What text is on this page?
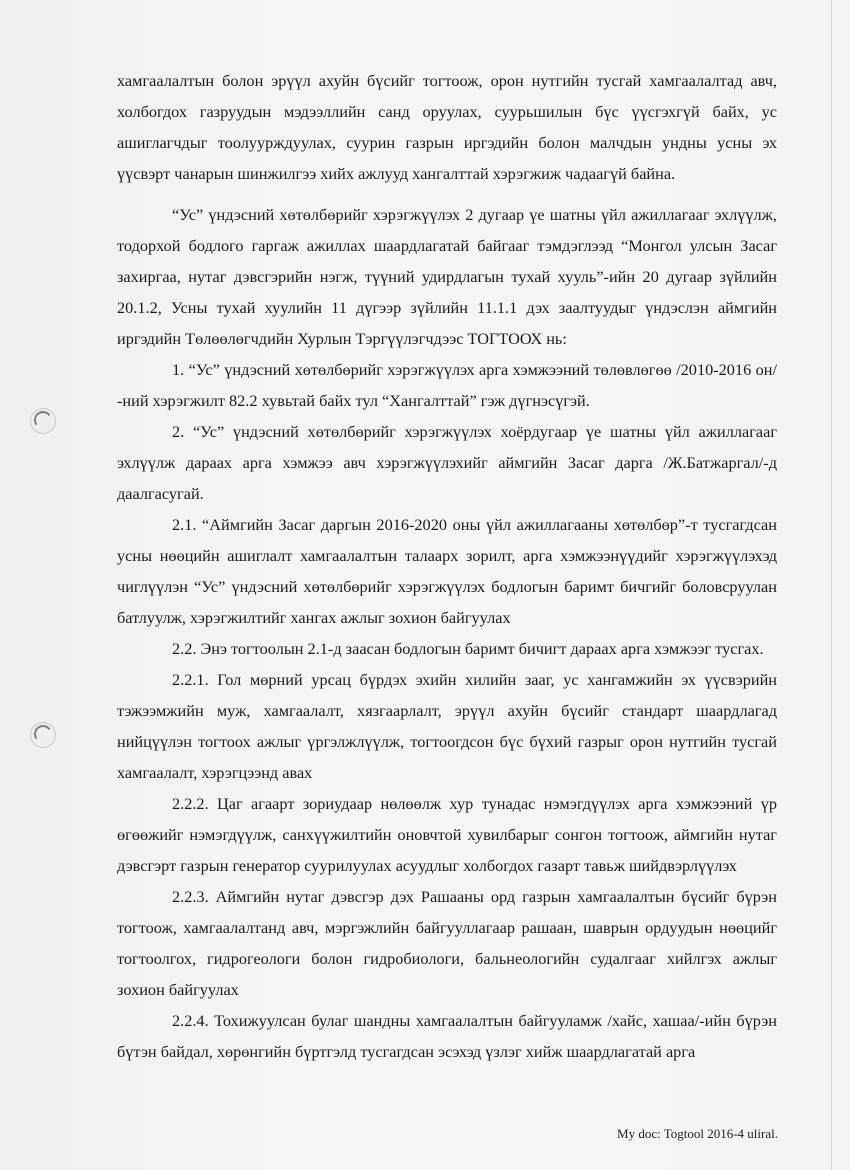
хамгаалалтын болон эрүүл ахуйн бүсийг тогтоож, орон нутгийн тусгай хамгаалалтад авч, холбогдох газруудын мэдээллийн санд оруулах, суурьшилын бүс үүсгэхгүй байх, ус ашиглагчдыг тоолуурждуулах, суурин газрын иргэдийн болон малчдын ундны усны эх үүсвэрт чанарын шинжилгээ хийх ажлууд хангалттай хэрэгжиж чадаагүй байна.

“Ус” үндэсний хөтөлбөрийг хэрэгжүүлэх 2 дугаар үе шатны үйл ажиллагааг эхлүүлж, тодорхой бодлого гаргаж ажиллах шаардлагатай байгааг тэмдэглээд “Монгол улсын Засаг захиргаа, нутаг дэвсгэрийн нэгж, түүний удирдлагын тухай хууль”-ийн 20 дугаар зүйлийн 20.1.2, Усны тухай хуулийн 11 дүгээр зүйлийн 11.1.1 дэх заалтуудыг үндэслэн аймгийн иргэдийн Төлөөлөгчдийн Хурлын Тэргүүлэгчдээс ТОГТООХ нь:

1. “Ус” үндэсний хөтөлбөрийг хэрэгжүүлэх арга хэмжээний төлөвлөгөө /2010-2016 он/ -ний хэрэгжилт 82.2 хувьтай байх тул “Хангалттай” гэж дүгнэсүгэй.

2. “Ус” үндэсний хөтөлбөрийг хэрэгжүүлэх хоёрдугаар үе шатны үйл ажиллагааг эхлүүлж дараах арга хэмжээ авч хэрэгжүүлэхийг аймгийн Засаг дарга /Ж.Батжаргал/-д даалгасугай.

2.1. “Аймгийн Засаг даргын 2016-2020 оны үйл ажиллагааны хөтөлбөр”-т тусгагдсан усны нөөцийн ашиглалт хамгаалалтын талаарх зорилт, арга хэмжээнүүдийг хэрэгжүүлэхэд чиглүүлэн “Ус” үндэсний хөтөлбөрийг хэрэгжүүлэх бодлогын баримт бичгийг боловсруулан батлуулж, хэрэгжилтийг хангах ажлыг зохион байгуулах

2.2. Энэ тогтоолын 2.1-д заасан бодлогын баримт бичигт дараах арга хэмжээг тусгах.

2.2.1. Гол мөрний урсац бүрдэх эхийн хилийн зааг, ус хангамжийн эх үүсвэрийн тэжээмжийн муж, хамгаалалт, хязгаарлалт, эрүүл ахуйн бүсийг стандарт шаардлагад нийцүүлэн тогтоох ажлыг үргэлжлүүлж, тогтоогдсон бүс бүхий газрыг орон нутгийн тусгай хамгаалалт, хэрэгцээнд авах

2.2.2. Цаг агаарт зориудаар нөлөөлж хур тунадас нэмэгдүүлэх арга хэмжээний үр өгөөжийг нэмэгдүүлж, санхүүжилтийн оновчтой хувилбарыг сонгон тогтоож, аймгийн нутаг дэвсгэрт газрын генератор суурилуулах асуудлыг холбогдох газарт тавьж шийдвэрлүүлэх

2.2.3. Аймгийн нутаг дэвсгэр дэх Рашааны орд газрын хамгаалалтын бүсийг бүрэн тогтоож, хамгаалалтанд авч, мэргэжлийн байгууллагаар рашаан, шаврын ордуудын нөөцийг тогтоолгох, гидрогеологи болон гидробиологи, бальнеологийн судалгааг хийлгэх ажлыг зохион байгуулах

2.2.4. Тохижуулсан булаг шандны хамгаалалтын байгууламж /хайс, хашаа/-ийн бүрэн бүтэн байдал, хөрөнгийн бүртгэлд тусгагдсан эсэхэд үзлэг хийж шаардлагатай арга

My doc: Togtool 2016-4 uliral.
